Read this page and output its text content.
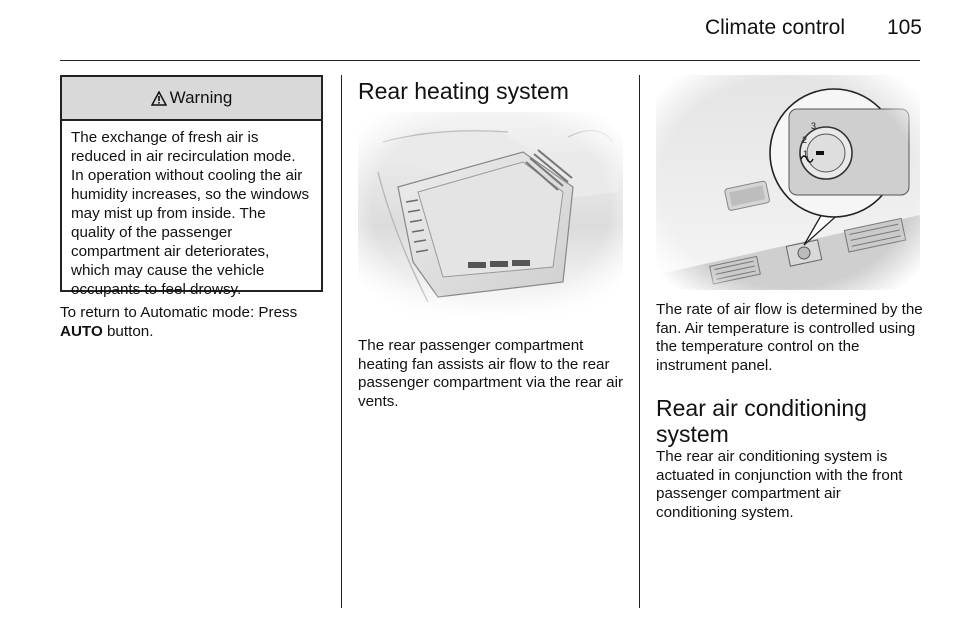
Climate control	105
Warning
The exchange of fresh air is reduced in air recirculation mode. In operation without cooling the air humidity increases, so the windows may mist up from inside. The quality of the passenger compartment air deteriorates, which may cause the vehicle occupants to feel drowsy.
To return to Automatic mode: Press AUTO button.
Rear heating system
The rear passenger compartment heating fan assists air flow to the rear passenger compartment via the rear air vents.
The rate of air flow is determined by the fan. Air temperature is controlled using the temperature control on the instrument panel.
Rear air conditioning system
The rear air conditioning system is actuated in conjunction with the front passenger compartment air conditioning system.
